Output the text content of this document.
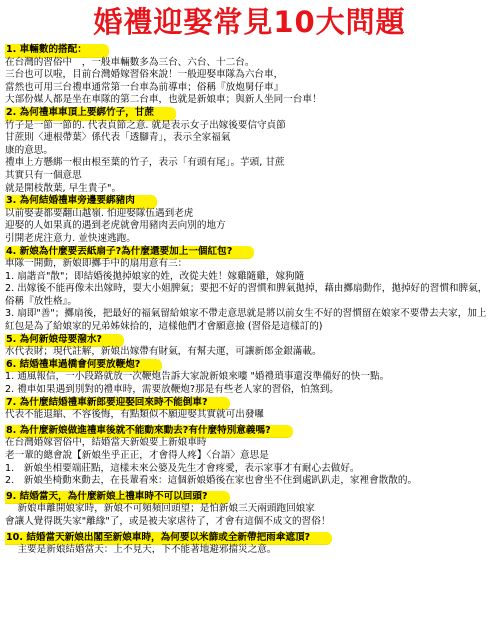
婚禮迎娶常見10大問題
1. 車輛數的搭配：
在台灣的習俗中　，一般車輛數多為三台、六台、十二台。
三台也可以啦，目前台灣婚嫁習俗來說！一般迎娶車隊為六台車，
當然也可用三台禮車通常第一台車為前導車；俗稱『放炮舅仔車』
大部份媒人都是坐在車隊的第二台車，也就是新娘車；與新人坐同一台車！
2. 為何禮車車頂上要綁竹子，甘蔗
竹子是一節一節的. 代表貞節之意. 就是表示女子出嫁後要信守貞節
甘蔗則〈連根帶葉〉係代表「透腳青」，表示全家福氣
康的意思。
禮車上方懸綁一根由根至葉的竹子，表示「有頭有尾」。芋頭, 甘蔗
其實只有一個意思
就是開枝散葉, 早生貴子"。
3. 為何結婚禮車旁邊要綁豬肉
以前娶妻都要翻山越嶺. 怕迎娶隊伍遇到老虎
迎娶的人如果真的遇到老虎就會用豬肉丟向別的地方
引開老虎注意力. 並快速逃跑。
4. 新娘為什麼要丟紙扇子?為什麼還要加上一個紅包?
車隊一開動，新娘即擲手中的扇用意有三：
1. 扇諧音"散"；即結婚後拋掉娘家的姓，改從夫姓！嫁雞隨雞，嫁狗隨
2. 出嫁後不能再像未出嫁時，耍大小姐脾氣；要把不好的習慣和脾氣拋掉，藉由擲扇動作，拋掉好的習慣和脾氣，俗稱『放性格』。
3. 扇即"善"；擲扇後，把最好的福氣留給娘家不帶走意思就是將以前女生不好的習慣留在娘家不要帶去夫家，加上紅包是為了給娘家的兄弟姊妹拾的，這樣他們才會願意撿 (習俗是這樣訂的)
5. 為何新娘母要潑水?
水代表財；現代註解，新娘出嫁帶有財氣，有幫夫運，可讓新郎金銀滿載。
6. 結婚禮車過橋會何要放鞭炮?
1. 通風報信，一小段路就放一次鞭炮告訴大家說新娘來嘍 "婚禮瑣事還沒準備好的快一點。
2. 禮車如果遇到別對的禮車時，需要放鞭炮?那是有些老人家的習俗，怕煞到。
7. 為什麼結婚禮車新郎要迎娶回來時不能倒車?
代表不能退縮、不容後悔，有點類似不願迎娶其實就可出發囉
8. 為什麼新娘做進禮車後就不能動來動去?有什麼特別意義嗎?
在台灣婚嫁習俗中，結婚當天新娘要上新娘車時
老一輩的總會說【新娘坐乎正正，才會得人疼】〈台語〉意思是
1.　新娘坐相要端莊點，這樣未來公婆及先生才會疼愛，表示家事才有耐心去做好。
2.　新娘坐椅動來動去，在長輩看來：這個新娘婚後在家也會坐不住到處趴趴走，家裡會散散的。
9. 結婚當天，為什麼新娘上禮車時不可以回頭?
新娘車離開娘家時，新娘不可頻頻回頭望；是怕新娘三天兩頭跑回娘家
會讓人覺得既失家"離緣"了，或是被夫家虐待了，才會有這個不成文的習俗！
10. 結婚當天新娘出閣至新娘車時，為何要以米篩或全新帶把雨傘遮頂?
主要是新娘結婚當天：上不見天，下不能著地避邪擋災之意。
